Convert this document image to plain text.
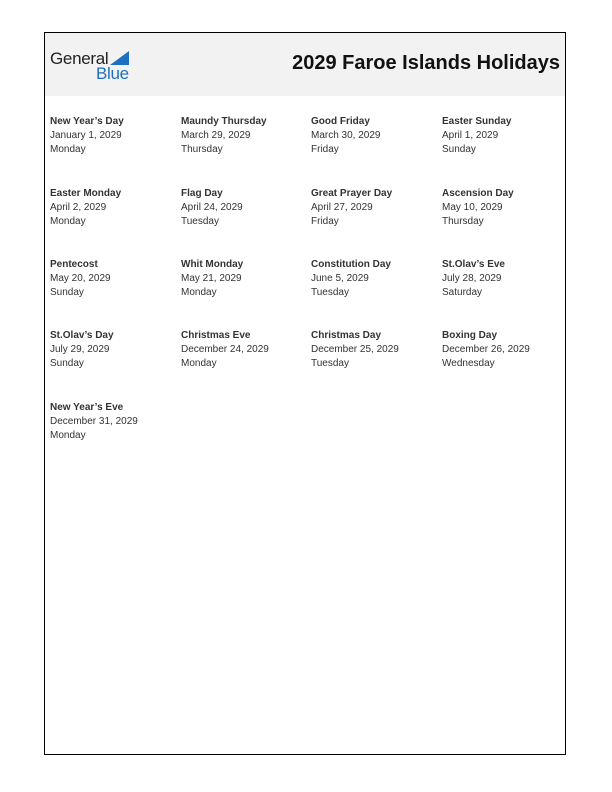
General
Blue	2029 Faroe Islands Holidays
New Year’s Day
January 1, 2029
Monday
Maundy Thursday
March 29, 2029
Thursday
Good Friday
March 30, 2029
Friday
Easter Sunday
April 1, 2029
Sunday
Easter Monday
April 2, 2029
Monday
Flag Day
April 24, 2029
Tuesday
Great Prayer Day
April 27, 2029
Friday
Ascension Day
May 10, 2029
Thursday
Pentecost
May 20, 2029
Sunday
Whit Monday
May 21, 2029
Monday
Constitution Day
June 5, 2029
Tuesday
St.Olav’s Eve
July 28, 2029
Saturday
St.Olav’s Day
July 29, 2029
Sunday
Christmas Eve
December 24, 2029
Monday
Christmas Day
December 25, 2029
Tuesday
Boxing Day
December 26, 2029
Wednesday
New Year’s Eve
December 31, 2029
Monday
